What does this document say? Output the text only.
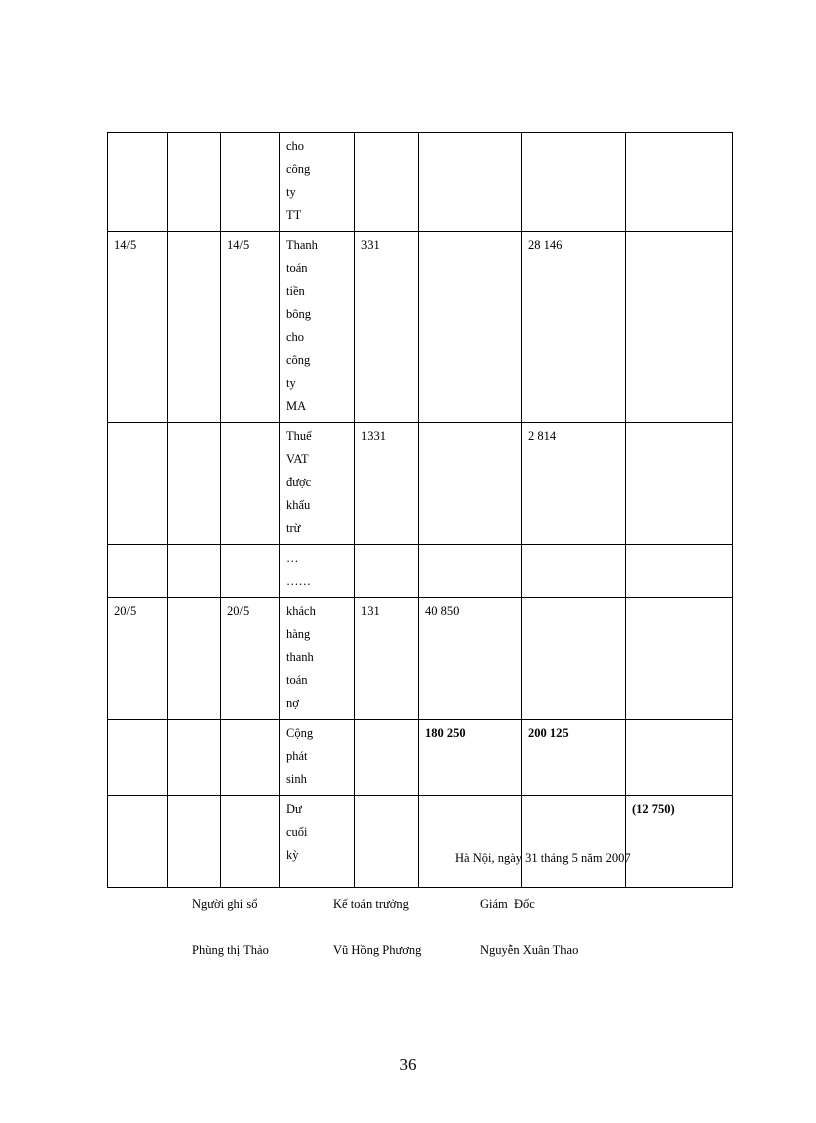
			cho công ty TT				

14/5		14/5	Thanh toán tiền bông cho công ty MA	331		28 146	

			Thuế VAT được khấu trừ	1331		2 814	

			… ……				

20/5		20/5	khách hàng thanh toán nợ	131	40 850		

			Cộng phát sinh		180 250	200 125	

			Dư cuối kỳ				(12 750)
Hà Nội, ngày 31 tháng 5 năm 2007
Người ghi sổ	Kế toán trưởng	Giám  Đốc
Phùng thị Thảo	Vũ Hồng Phương	Nguyễn Xuân Thao
36
